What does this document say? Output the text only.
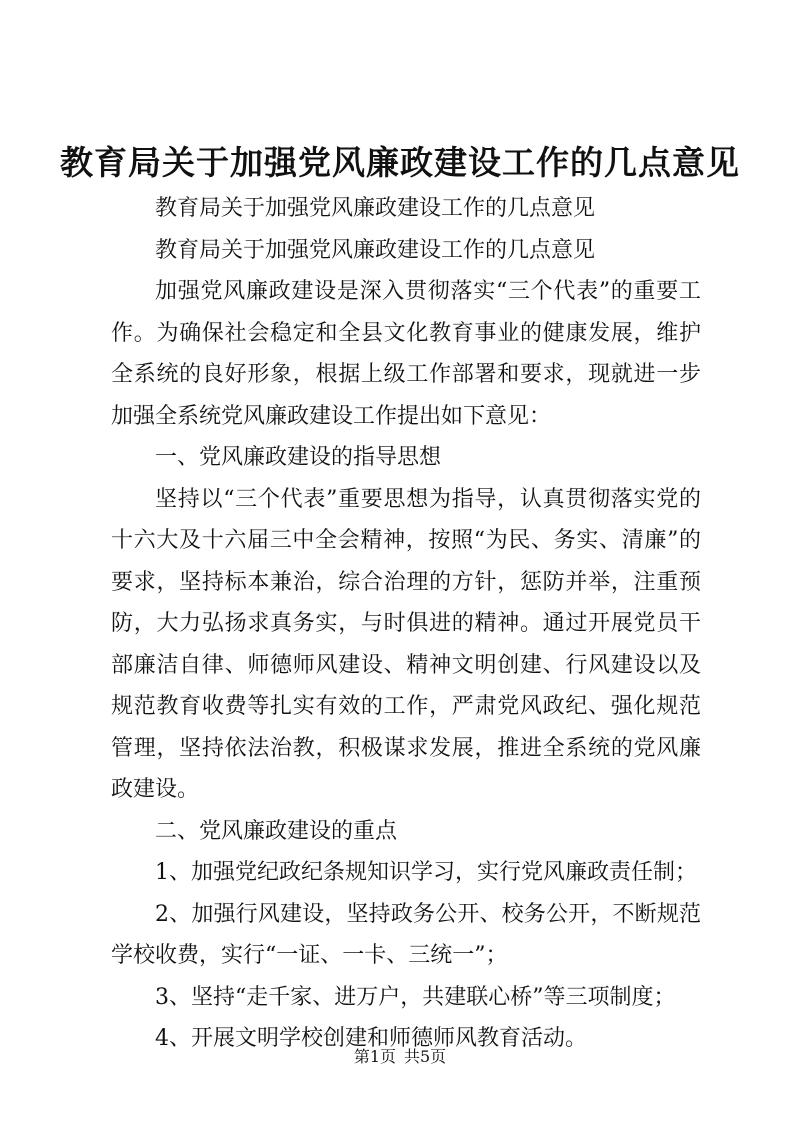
教育局关于加强党风廉政建设工作的几点意见

教育局关于加强党风廉政建设工作的几点意见

教育局关于加强党风廉政建设工作的几点意见

加强党风廉政建设是深入贯彻落实“三个代表”的重要工作。为确保社会稳定和全县文化教育事业的健康发展，维护全系统的良好形象，根据上级工作部署和要求，现就进一步加强全系统党风廉政建设工作提出如下意见：

一、党风廉政建设的指导思想

坚持以“三个代表”重要思想为指导，认真贯彻落实党的十六大及十六届三中全会精神，按照“为民、务实、清廉”的要求，坚持标本兼治，综合治理的方针，惩防并举，注重预防，大力弘扬求真务实，与时俱进的精神。通过开展党员干部廉洁自律、师德师风建设、精神文明创建、行风建设以及规范教育收费等扎实有效的工作，严肃党风政纪、强化规范管理，坚持依法治教，积极谋求发展，推进全系统的党风廉政建设。

二、党风廉政建设的重点

1、加强党纪政纪条规知识学习，实行党风廉政责任制；

2、加强行风建设，坚持政务公开、校务公开，不断规范学校收费，实行“一证、一卡、三统一”；

3、坚持“走千家、进万户，共建联心桥”等三项制度；

4、开展文明学校创建和师德师风教育活动。

第1页 共5页
